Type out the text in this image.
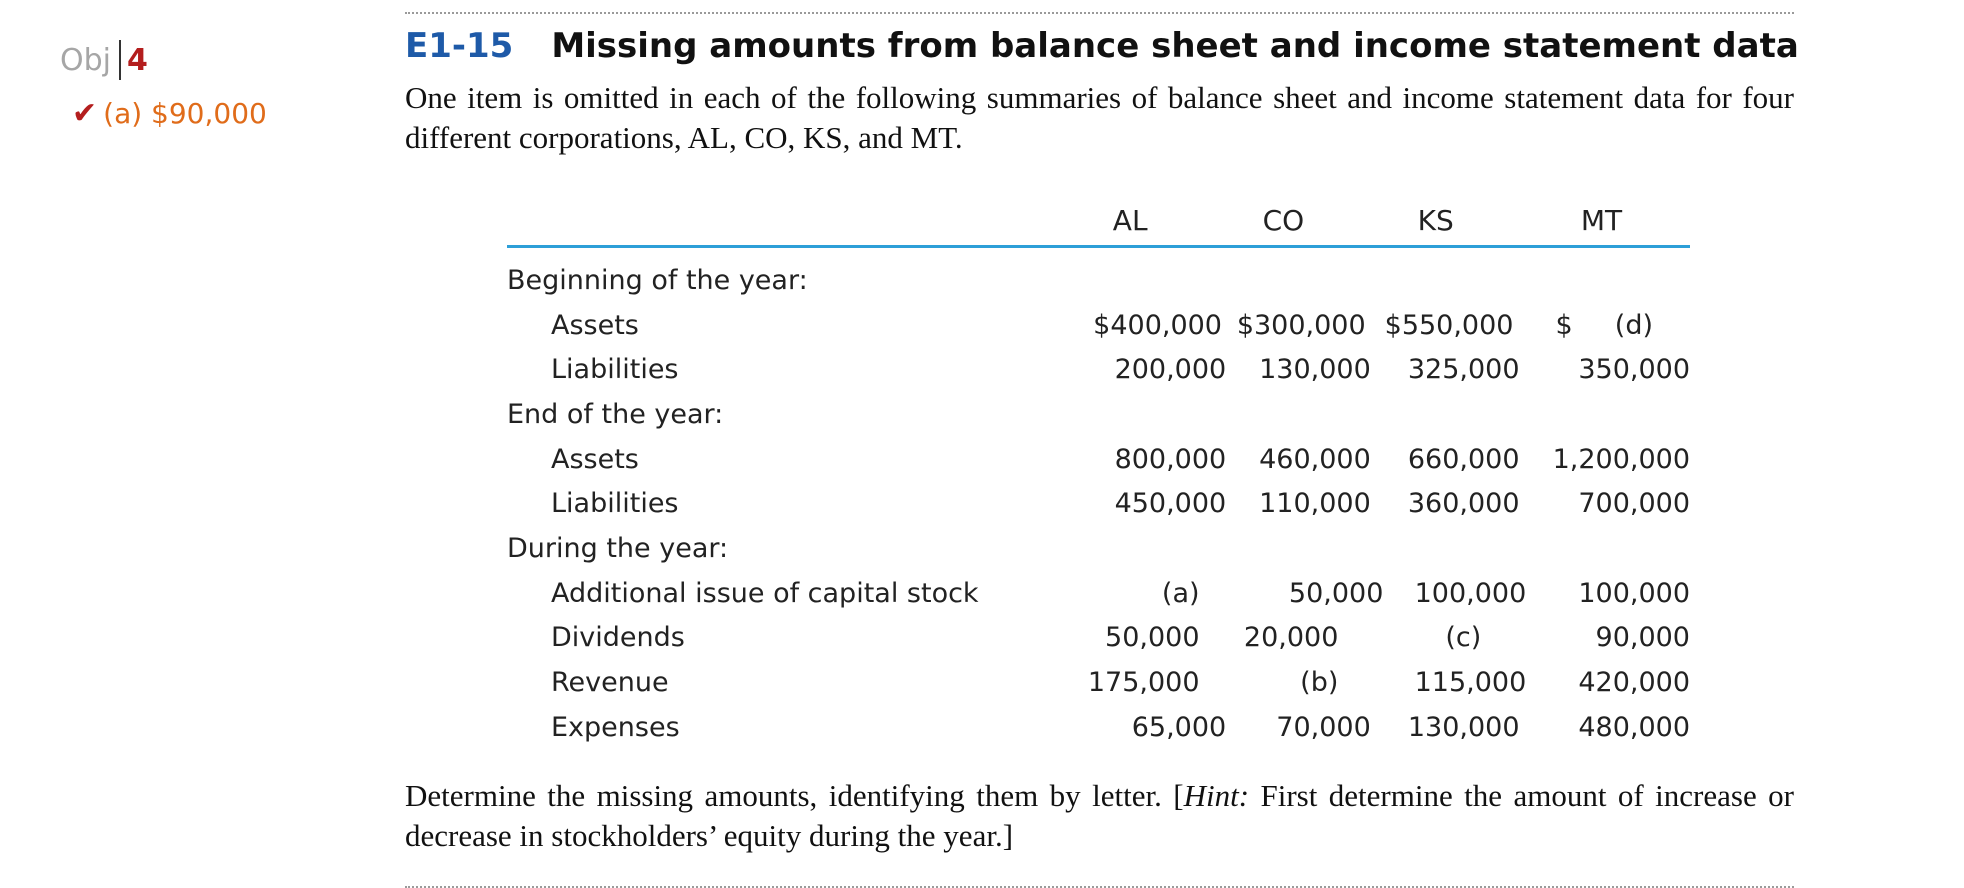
Obj 4
✔ (a) $90,000
E1-15 Missing amounts from balance sheet and income statement data
One item is omitted in each of the following summaries of balance sheet and income statement data for four different corporations, AL, CO, KS, and MT.
AL	CO	KS	MT
Beginning of the year:
Assets	$400,000 $300,000 $550,000 $ (d)
Liabilities	200,000	130,000	325,000	350,000
End of the year:
Assets	800,000	460,000	660,000	1,200,000
Liabilities	450,000	110,000	360,000	700,000
During the year:
Additional issue of capital stock	(a)	50,000	100,000	100,000
Dividends	50,000	20,000	(c)	90,000
Revenue	175,000	(b)	115,000	420,000
Expenses	65,000	70,000	130,000	480,000
Determine the missing amounts, identifying them by letter. [Hint: First determine the amount of increase or decrease in stockholders’ equity during the year.]
